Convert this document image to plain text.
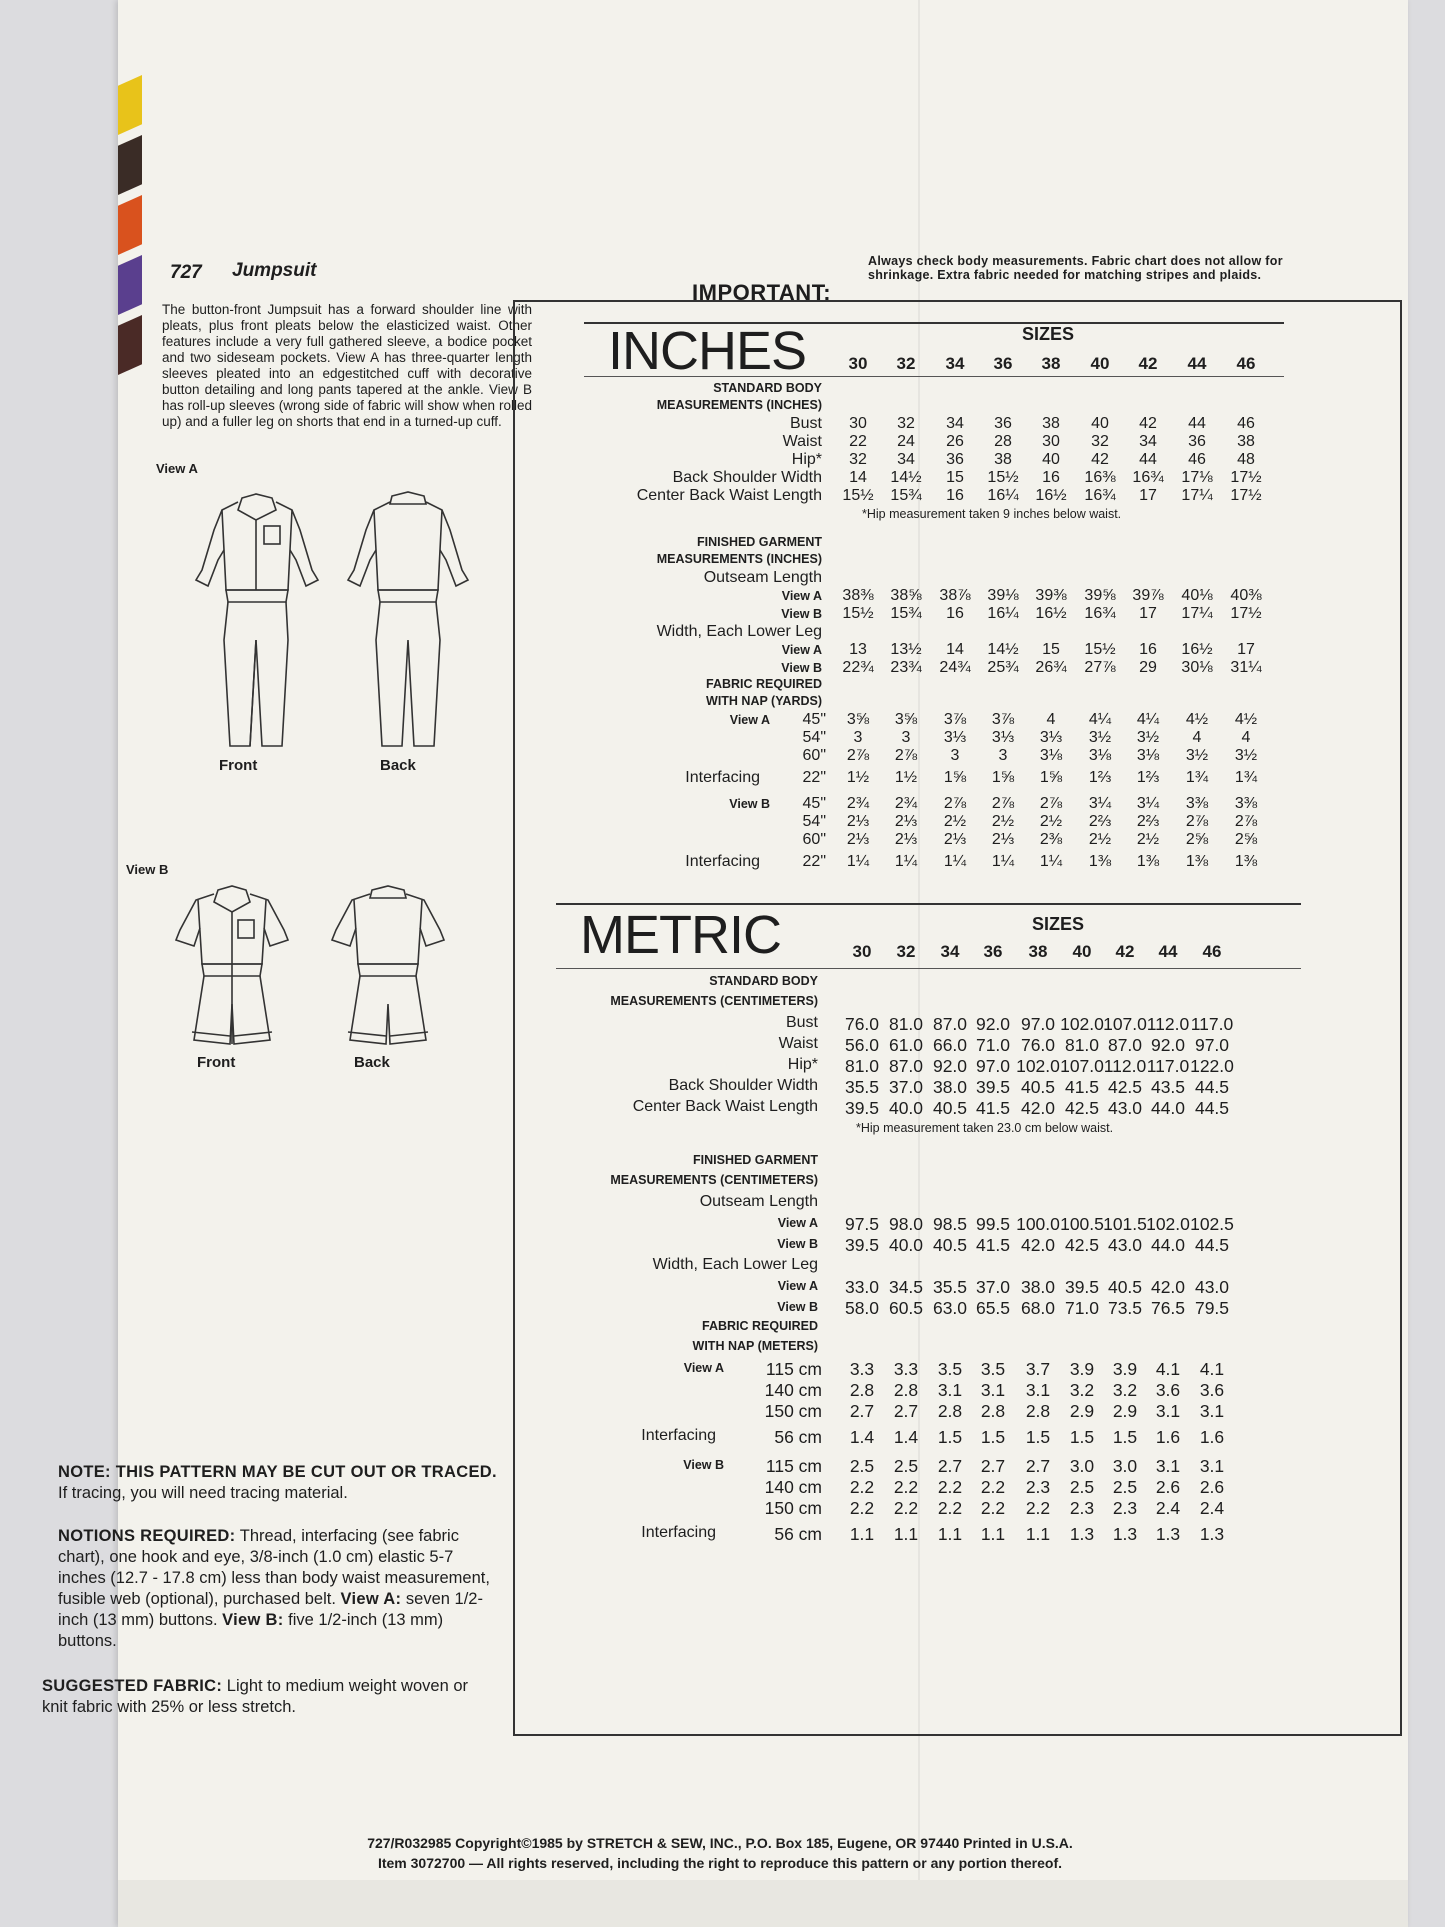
727 Jumpsuit
The button-front Jumpsuit has a forward shoulder line with pleats, plus front pleats below the elasticized waist. Other features include a very full gathered sleeve, a bodice pocket and two sideseam pockets. View A has three-quarter length sleeves pleated into an edgestitched cuff with decorative button detailing and long pants tapered at the ankle. View B has roll-up sleeves (wrong side of fabric will show when rolled up) and a fuller leg on shorts that end in a turned-up cuff.
View A
Front	Back
View B
Front	Back
NOTE: THIS PATTERN MAY BE CUT OUT OR TRACED. If tracing, you will need tracing material.
NOTIONS REQUIRED: Thread, interfacing (see fabric chart), one hook and eye, 3/8-inch (1.0 cm) elastic 5-7 inches (12.7 - 17.8 cm) less than body waist measurement, fusible web (optional), purchased belt. View A: seven 1/2-inch (13 mm) buttons. View B: five 1/2-inch (13 mm) buttons.
SUGGESTED FABRIC: Light to medium weight woven or knit fabric with 25% or less stretch.
IMPORTANT:
Always check body measurements. Fabric chart does not allow for shrinkage. Extra fabric needed for matching stripes and plaids.
INCHES	SIZES
30	32	34	36	38	40	42	44	46
STANDARD BODY
MEASUREMENTS (INCHES)
Bust	30	32	34	36	38	40	42	44	46
Waist	22	24	26	28	30	32	34	36	38
Hip*	32	34	36	38	40	42	44	46	48
Back Shoulder Width	14	14½	15	15½	16	16⅜	16¾	17⅛	17½
Center Back Waist Length	15½	15¾	16	16¼	16½	16¾	17	17¼	17½
*Hip measurement taken 9 inches below waist.
FINISHED GARMENT
MEASUREMENTS (INCHES)
Outseam Length
View A	38⅜	38⅝	38⅞	39⅛	39⅜	39⅝	39⅞	40⅛	40⅜
View B	15½	15¾	16	16¼	16½	16¾	17	17¼	17½
Width, Each Lower Leg
View A	13	13½	14	14½	15	15½	16	16½	17
View B	22¾	23¾	24¾	25¾	26¾	27⅞	29	30⅛	31¼
FABRIC REQUIRED
WITH NAP (YARDS)
View A	45"	3⅝	3⅝	3⅞	3⅞	4	4¼	4¼	4½	4½
54"	3	3	3⅓	3⅓	3⅓	3½	3½	4	4
60"	2⅞	2⅞	3	3	3⅛	3⅛	3⅛	3½	3½
Interfacing	22"	1½	1½	1⅝	1⅝	1⅝	1⅔	1⅔	1¾	1¾
View B	45"	2¾	2¾	2⅞	2⅞	2⅞	3¼	3¼	3⅜	3⅜
54"	2⅓	2⅓	2½	2½	2½	2⅔	2⅔	2⅞	2⅞
60"	2⅓	2⅓	2⅓	2⅓	2⅜	2½	2½	2⅝	2⅝
Interfacing	22"	1¼	1¼	1¼	1¼	1¼	1⅜	1⅜	1⅜	1⅜
METRIC	SIZES
30	32	34	36	38	40	42	44	46
STANDARD BODY
MEASUREMENTS (CENTIMETERS)
Bust	76.0 81.0 87.0 92.0 97.0 102.0 107.0 112.0 117.0
Waist	56.0 61.0 66.0 71.0 76.0 81.0 87.0 92.0 97.0
Hip*	81.0 87.0 92.0 97.0 102.0 107.0 112.0 117.0 122.0
Back Shoulder Width	35.5 37.0 38.0 39.5 40.5 41.5 42.5 43.5 44.5
Center Back Waist Length	39.5 40.0 40.5 41.5 42.0 42.5 43.0 44.0 44.5
*Hip measurement taken 23.0 cm below waist.
FINISHED GARMENT
MEASUREMENTS (CENTIMETERS)
Outseam Length
View A	97.5 98.0 98.5 99.5 100.0 100.5 101.5 102.0 102.5
View B	39.5 40.0 40.5 41.5 42.0 42.5 43.0 44.0 44.5
Width, Each Lower Leg
View A	33.0 34.5 35.5 37.0 38.0 39.5 40.5 42.0 43.0
View B	58.0 60.5 63.0 65.5 68.0 71.0 73.5 76.5 79.5
FABRIC REQUIRED
WITH NAP (METERS)
View A	115 cm	3.3	3.3	3.5	3.5	3.7	3.9	3.9	4.1	4.1
140 cm	2.8	2.8	3.1	3.1	3.1	3.2	3.2	3.6	3.6
150 cm	2.7	2.7	2.8	2.8	2.8	2.9	2.9	3.1	3.1
Interfacing	56 cm	1.4	1.4	1.5	1.5	1.5	1.5	1.5	1.6	1.6
View B	115 cm	2.5	2.5	2.7	2.7	2.7	3.0	3.0	3.1	3.1
140 cm	2.2	2.2	2.2	2.2	2.3	2.5	2.5	2.6	2.6
150 cm	2.2	2.2	2.2	2.2	2.2	2.3	2.3	2.4	2.4
Interfacing	56 cm	1.1	1.1	1.1	1.1	1.1	1.3	1.3	1.3	1.3
727/R032985 Copyright©1985 by STRETCH & SEW, INC., P.O. Box 185, Eugene, OR 97440 Printed in U.S.A.
Item 3072700 — All rights reserved, including the right to reproduce this pattern or any portion thereof.
